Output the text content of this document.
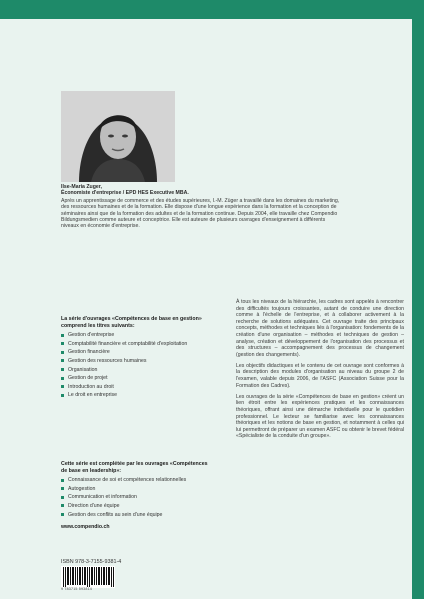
Ilse-Maria Zuger,
Économiste d'entreprise / EPD HES Executive MBA.
Après un apprentissage de commerce et des études supérieures, I.-M. Züger a travaillé dans les domaines du marketing, des ressources humaines et de la formation. Elle dispose d'une longue expérience dans la formation et la conception de séminaires ainsi que de la formation des adultes et de la formation continue. Depuis 2004, elle travaille chez Compendio Bildungsmedien comme auteure et conceptrice. Elle est auteure de plusieurs ouvrages d'enseignement à différents niveaux en économie d'entreprise.
La série d'ouvrages «Compétences de base en gestion» comprend les titres suivants:
Gestion d'entreprise
Comptabilité financière et comptabilité d'exploitation
Gestion financière
Gestion des ressources humaines
Organisation
Gestion de projet
Introduction au droit
Le droit en entreprise
Cette série est complétée par les ouvrages «Compétences de base en leadership»:
Connaissance de soi et compétences relationnelles
Autogestion
Communication et information
Direction d'une équipe
Gestion des conflits au sein d'une équipe
www.compendio.ch

À tous les niveaux de la hiérarchie, les cadres sont appelés à rencontrer des difficultés toujours croissantes, autant de conduire une direction comme à l'échelle de l'entreprise, et à collaborer activement à la recherche de solutions adéquates. Cet ouvrage traite des principaux concepts, méthodes et techniques liés à l'organisation: fondements de la création d'une organisation – méthodes et techniques de gestion – analyse, création et développement de l'organisation des processus et des structures – accompagnement des processus de changement (gestion des changements).

Les objectifs didactiques et le contenu de cet ouvrage sont conformes à la description des modules d'organisation au niveau du groupe 2 de l'examen, valable depuis 2006, de l'ASFC (Association Suisse pour la Formation des Cadres).

Les ouvrages de la série «Compétences de base en gestion» créent un lien étroit entre les expériences pratiques et les connaissances théoriques, offrant ainsi une démarche individuelle pour le quotidien professionnel. Le lecteur se familiarise avec les connaissances théoriques et les notions de base en gestion, et notamment à celles qui lui permettront de préparer un examen ASFC ou obtenir le brevet fédéral «Spécialiste de la conduite d'un groupe».

ISBN 978-3-7155-9381-4
9 783715 593814
